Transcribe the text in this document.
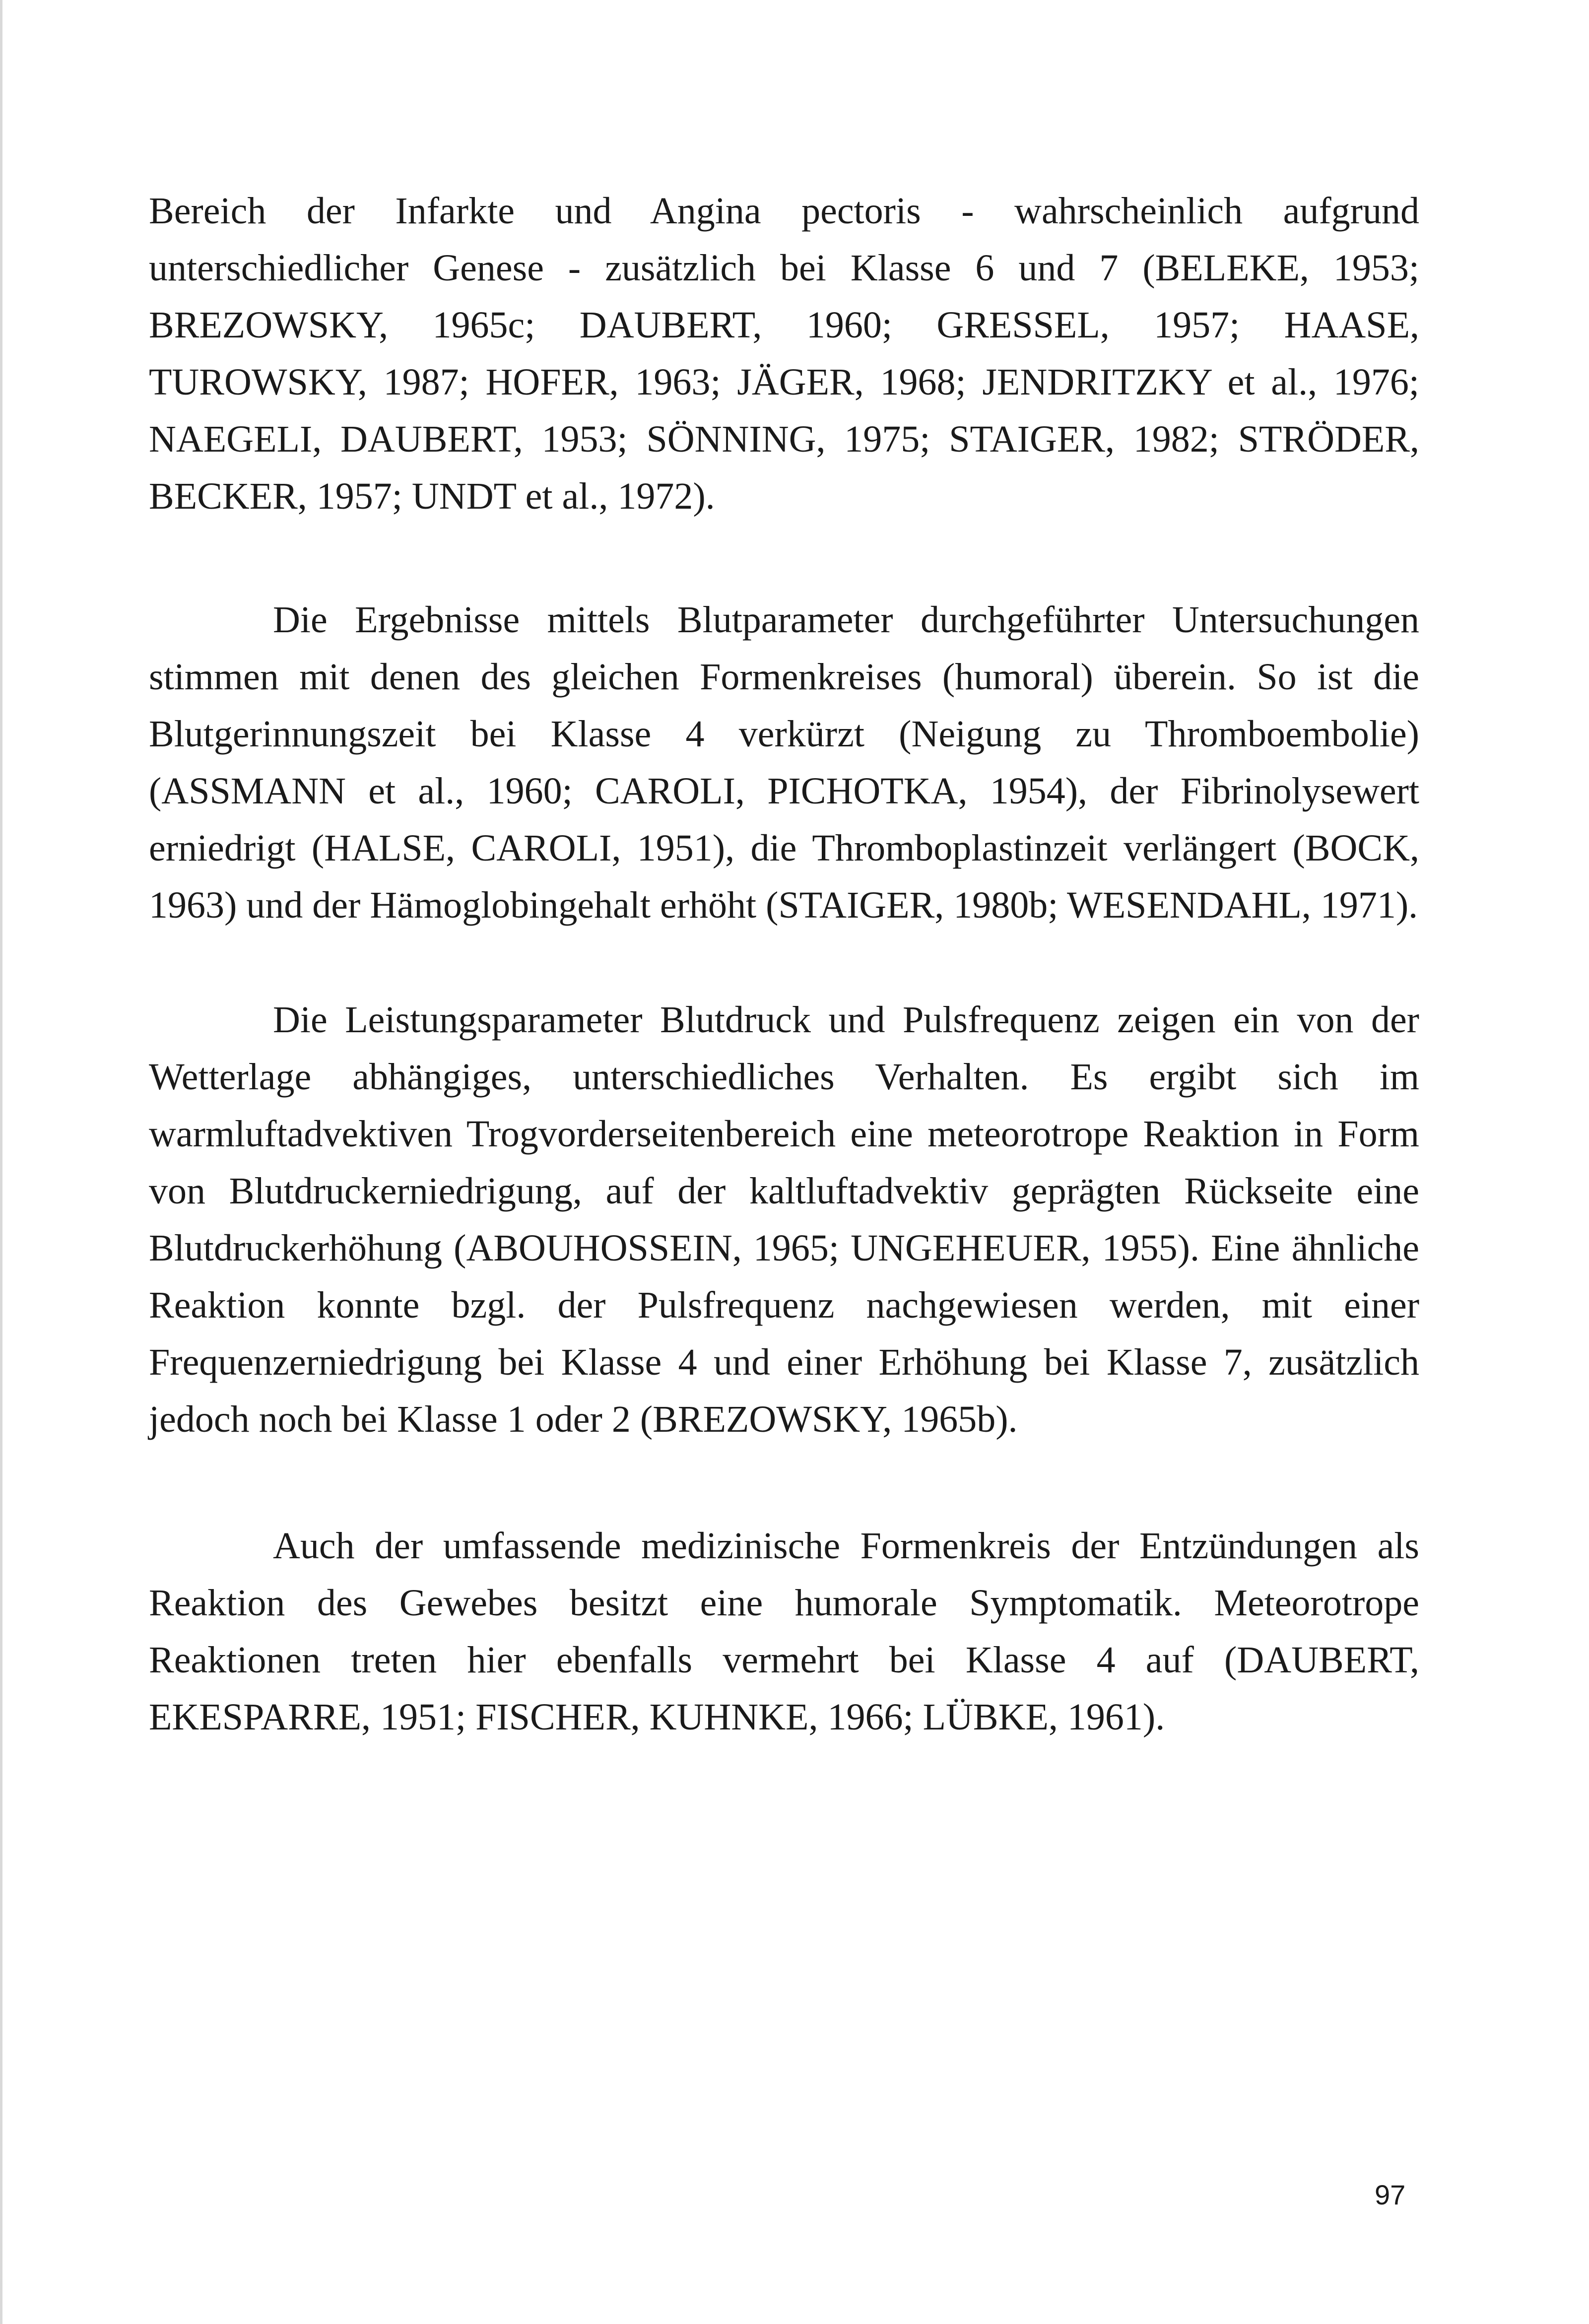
Bereich der Infarkte und Angina pectoris - wahrscheinlich aufgrund unterschiedlicher Genese - zusätzlich bei Klasse 6 und 7 (BELEKE, 1953; BREZOWSKY, 1965c; DAUBERT, 1960; GRESSEL, 1957; HAASE, TUROWSKY, 1987; HOFER, 1963; JÄGER, 1968; JENDRITZKY et al., 1976; NAEGELI, DAUBERT, 1953; SÖNNING, 1975; STAIGER, 1982; STRÖDER, BECKER, 1957; UNDT et al., 1972).

Die Ergebnisse mittels Blutparameter durchgeführter Untersuchungen stimmen mit denen des gleichen Formenkreises (humoral) überein. So ist die Blutgerinnungszeit bei Klasse 4 verkürzt (Neigung zu Thromboembolie) (ASSMANN et al., 1960; CAROLI, PICHOTKA, 1954), der Fibrinolysewert erniedrigt (HALSE, CAROLI, 1951), die Thromboplastinzeit verlängert (BOCK, 1963) und der Hämoglobingehalt erhöht (STAIGER, 1980b; WESENDAHL, 1971).

Die Leistungsparameter Blutdruck und Pulsfrequenz zeigen ein von der Wetterlage abhängiges, unterschiedliches Verhalten. Es ergibt sich im warmluftadvektiven Trogvorderseitenbereich eine meteorotrope Reaktion in Form von Blutdruckerniedrigung, auf der kaltluftadvektiv geprägten Rückseite eine Blutdruckerhöhung (ABOUHOSSEIN, 1965; UNGEHEUER, 1955). Eine ähnliche Reaktion konnte bzgl. der Pulsfrequenz nachgewiesen werden, mit einer Frequenzerniedrigung bei Klasse 4 und einer Erhöhung bei Klasse 7, zusätzlich jedoch noch bei Klasse 1 oder 2 (BREZOWSKY, 1965b).

Auch der umfassende medizinische Formenkreis der Entzündungen als Reaktion des Gewebes besitzt eine humorale Symptomatik. Meteorotrope Reaktionen treten hier ebenfalls vermehrt bei Klasse 4 auf (DAUBERT, EKESPARRE, 1951; FISCHER, KUHNKE, 1966; LÜBKE, 1961).

97
